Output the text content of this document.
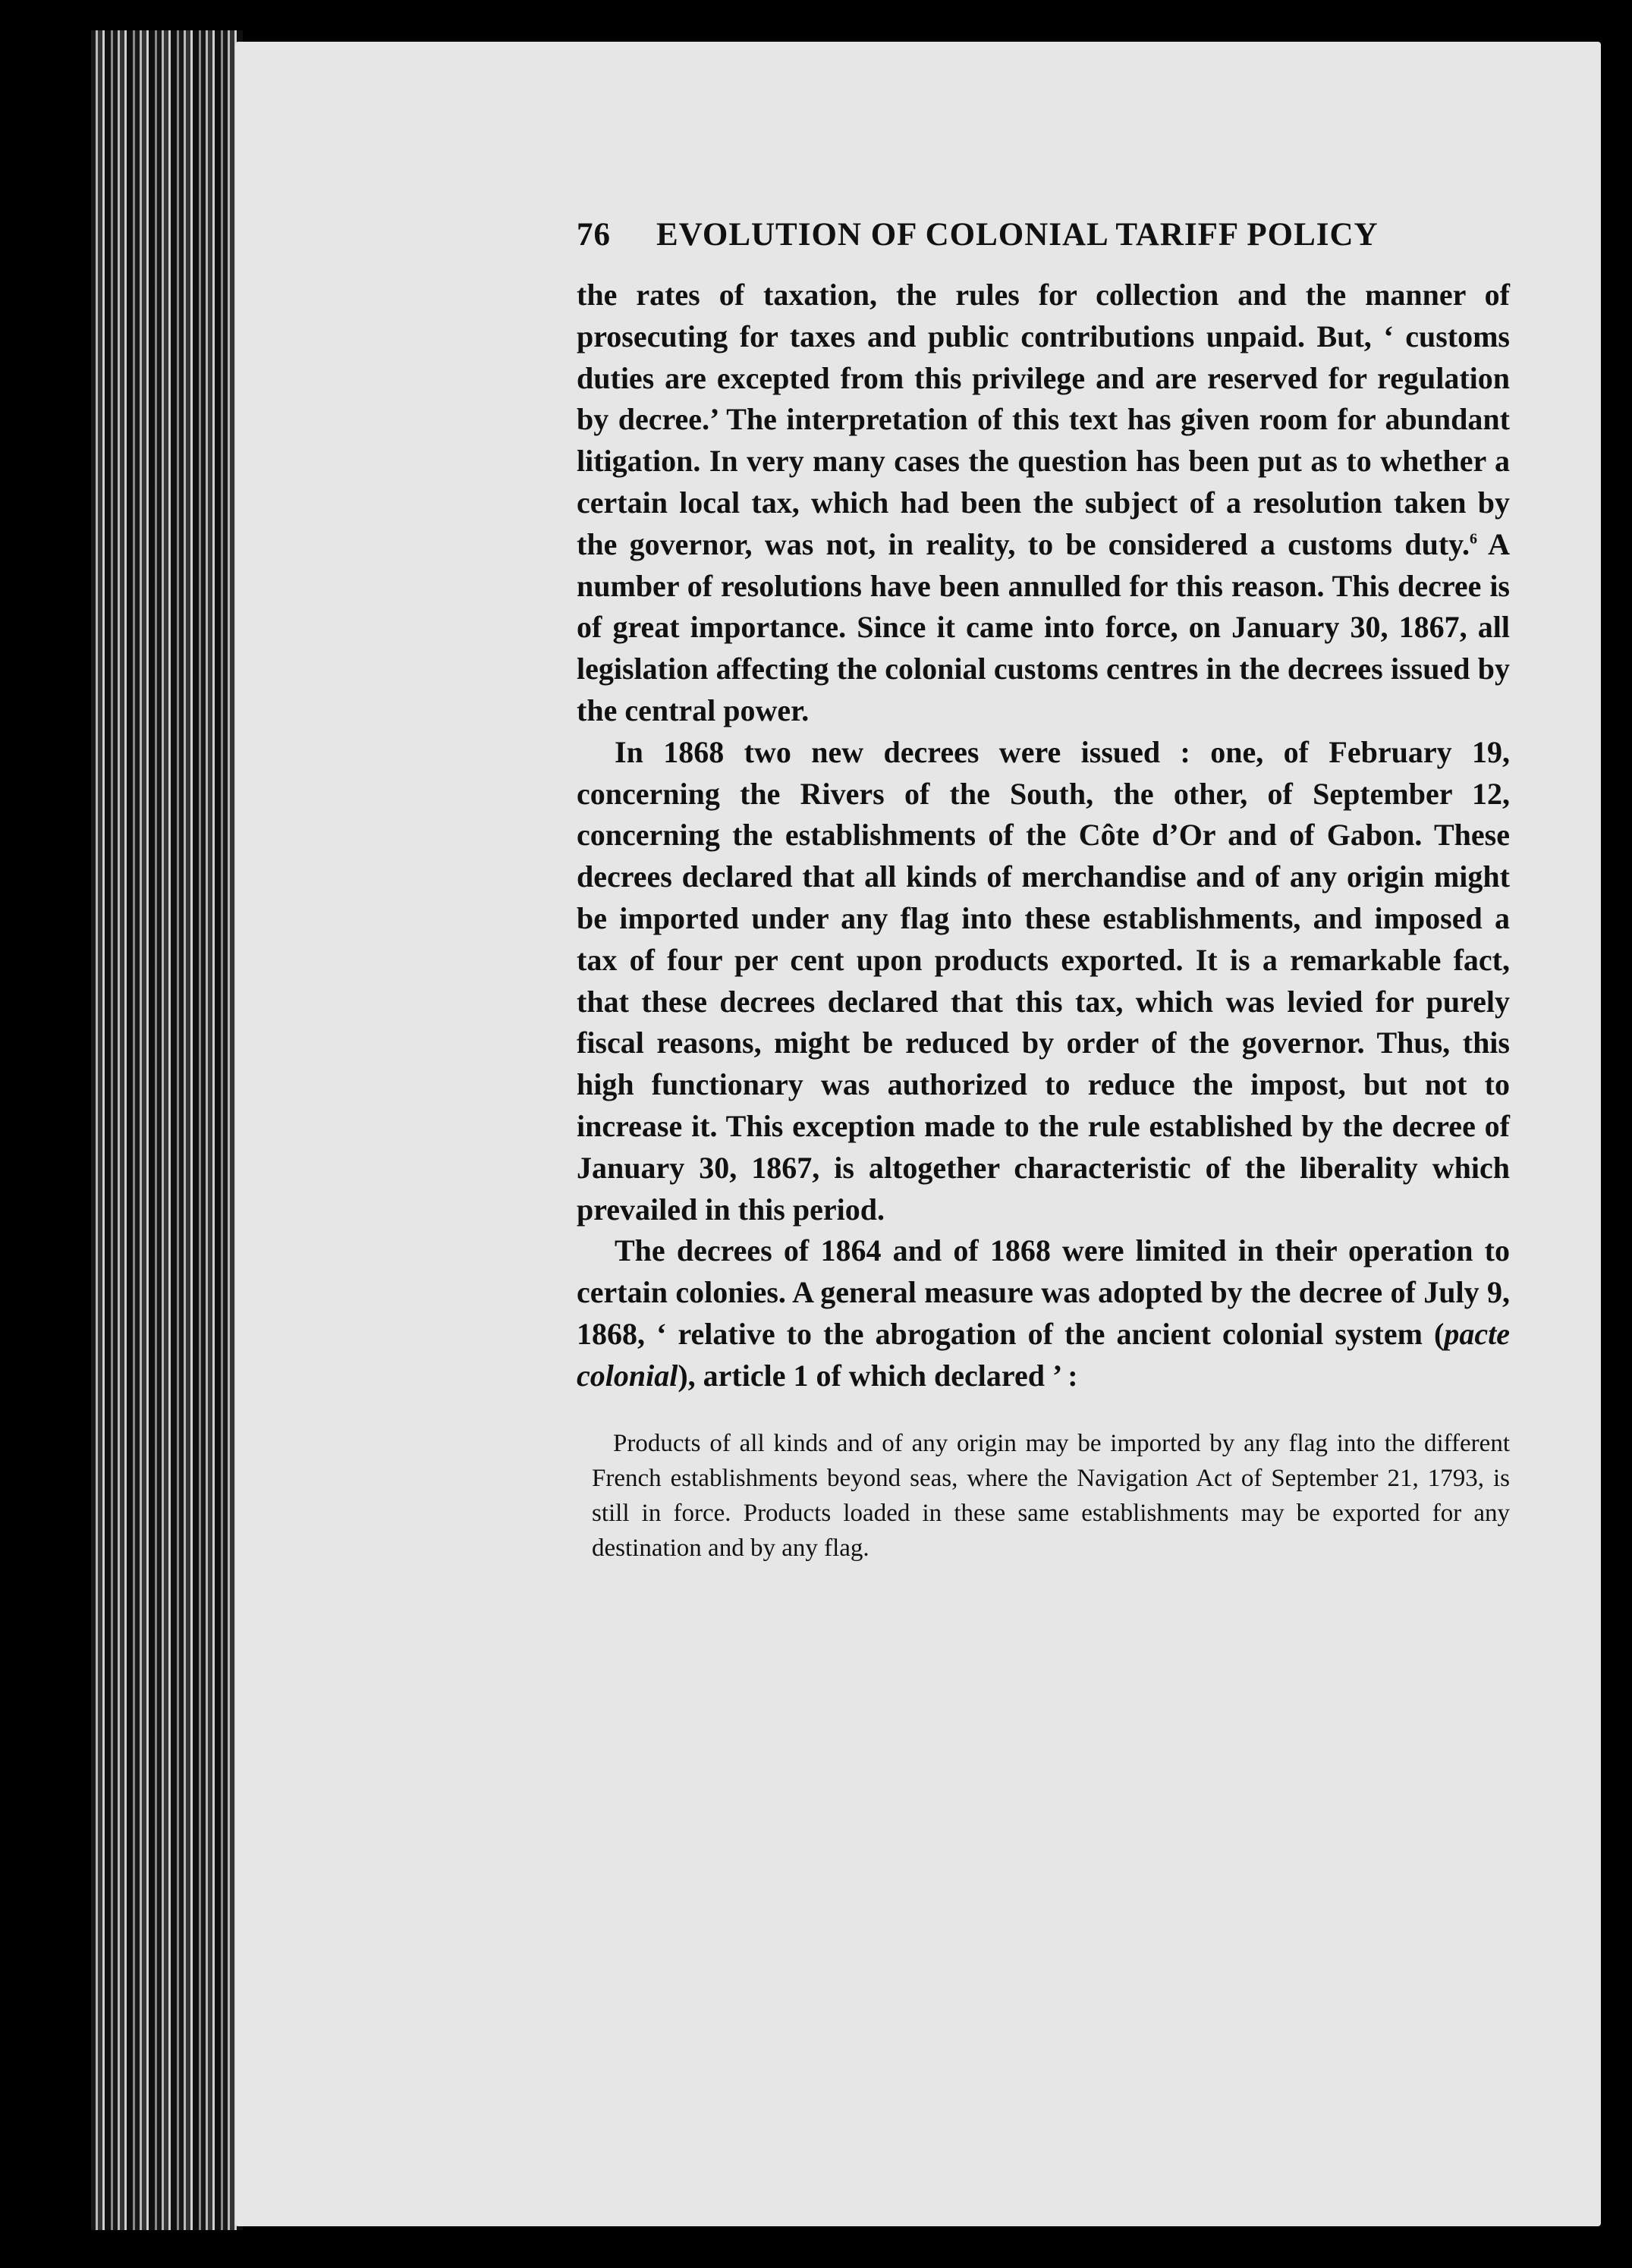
76 EVOLUTION OF COLONIAL TARIFF POLICY

the rates of taxation, the rules for collection and the manner of prosecuting for taxes and public contributions unpaid. But, ‘ customs duties are excepted from this privilege and are reserved for regulation by decree.’ The interpretation of this text has given room for abundant litigation. In very many cases the question has been put as to whether a certain local tax, which had been the subject of a resolution taken by the governor, was not, in reality, to be considered a customs duty.$^6$ A number of resolutions have been annulled for this reason. This decree is of great importance. Since it came into force, on January 30, 1867, all legislation affecting the colonial customs centres in the decrees issued by the central power.

In 1868 two new decrees were issued : one, of February 19, concerning the Rivers of the South, the other, of September 12, concerning the establishments of the Côte d’Or and of Gabon. These decrees declared that all kinds of merchandise and of any origin might be imported under any flag into these establishments, and imposed a tax of four per cent upon products exported. It is a remarkable fact, that these decrees declared that this tax, which was levied for purely fiscal reasons, might be reduced by order of the governor. Thus, this high functionary was authorized to reduce the impost, but not to increase it. This exception made to the rule established by the decree of January 30, 1867, is altogether characteristic of the liberality which prevailed in this period.

The decrees of 1864 and of 1868 were limited in their operation to certain colonies. A general measure was adopted by the decree of July 9, 1868, ‘ relative to the abrogation of the ancient colonial system (pacte colonial), article 1 of which declared ’ :

Products of all kinds and of any origin may be imported by any flag into the different French establishments beyond seas, where the Navigation Act of September 21, 1793, is still in force. Products loaded in these same establishments may be exported for any destination and by any flag.
